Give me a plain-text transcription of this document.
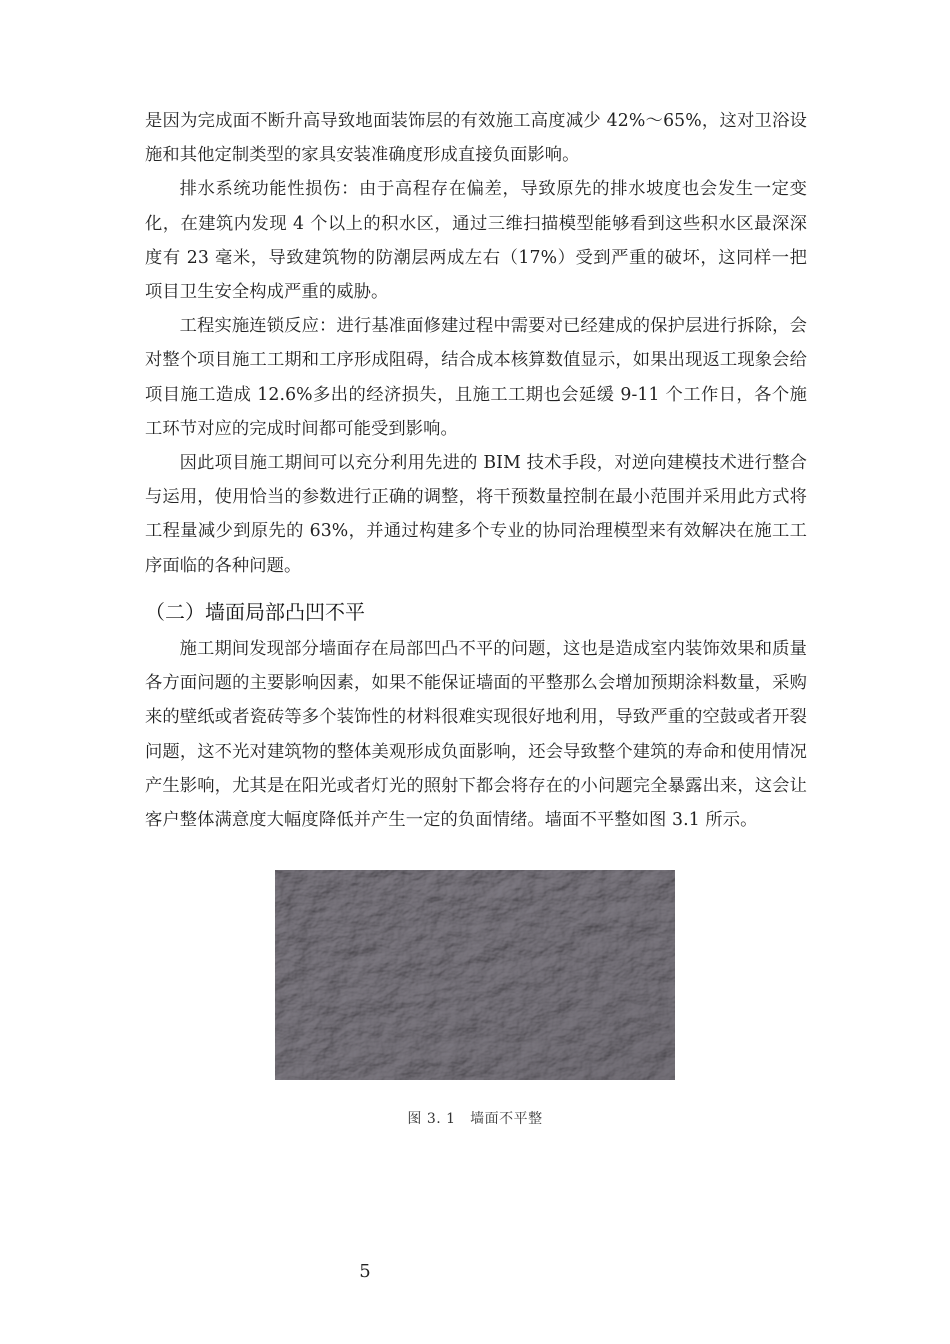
是因为完成面不断升高导致地面装饰层的有效施工高度减少 42%～65%，这对卫浴设施和其他定制类型的家具安装准确度形成直接负面影响。

排水系统功能性损伤：由于高程存在偏差，导致原先的排水坡度也会发生一定变化，在建筑内发现 4 个以上的积水区，通过三维扫描模型能够看到这些积水区最深深度有 23 毫米，导致建筑物的防潮层两成左右（17%）受到严重的破坏，这同样一把项目卫生安全构成严重的威胁。

工程实施连锁反应：进行基准面修建过程中需要对已经建成的保护层进行拆除，会对整个项目施工工期和工序形成阻碍，结合成本核算数值显示，如果出现返工现象会给项目施工造成 12.6%多出的经济损失，且施工工期也会延缓 9-11 个工作日，各个施工环节对应的完成时间都可能受到影响。

因此项目施工期间可以充分利用先进的 BIM 技术手段，对逆向建模技术进行整合与运用，使用恰当的参数进行正确的调整，将干预数量控制在最小范围并采用此方式将工程量减少到原先的 63%，并通过构建多个专业的协同治理模型来有效解决在施工工序面临的各种问题。

（二）墙面局部凸凹不平

施工期间发现部分墙面存在局部凹凸不平的问题，这也是造成室内装饰效果和质量各方面问题的主要影响因素，如果不能保证墙面的平整那么会增加预期涂料数量，采购来的壁纸或者瓷砖等多个装饰性的材料很难实现很好地利用，导致严重的空鼓或者开裂问题，这不光对建筑物的整体美观形成负面影响，还会导致整个建筑的寿命和使用情况产生影响，尤其是在阳光或者灯光的照射下都会将存在的小问题完全暴露出来，这会让客户整体满意度大幅度降低并产生一定的负面情绪。墙面不平整如图 3.1 所示。

图 3. 1　墙面不平整
5
